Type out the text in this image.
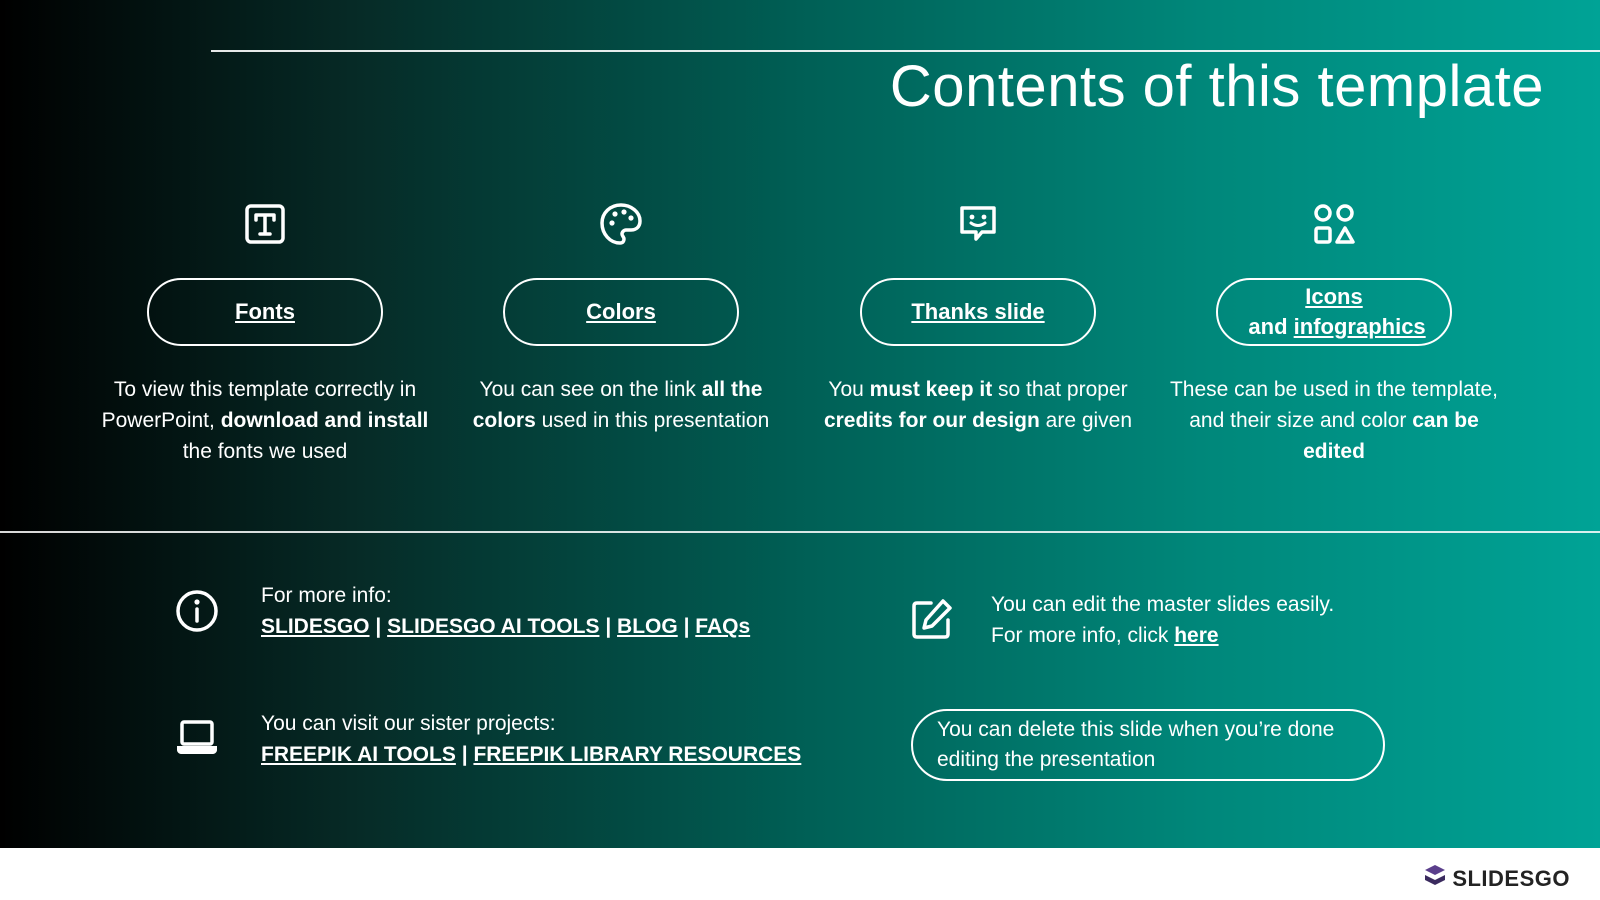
Contents of this template
Fonts
To view this template correctly in PowerPoint, download and install the fonts we used
Colors
You can see on the link all the colors used in this presentation
Thanks slide
You must keep it so that proper credits for our design are given
Icons and infographics
These can be used in the template, and their size and color can be edited
For more info:
SLIDESGO | SLIDESGO AI TOOLS | BLOG | FAQs
You can visit our sister projects:
FREEPIK AI TOOLS | FREEPIK LIBRARY RESOURCES
You can edit the master slides easily.
For more info, click here
You can delete this slide when you’re done editing the presentation
SLIDESGO
